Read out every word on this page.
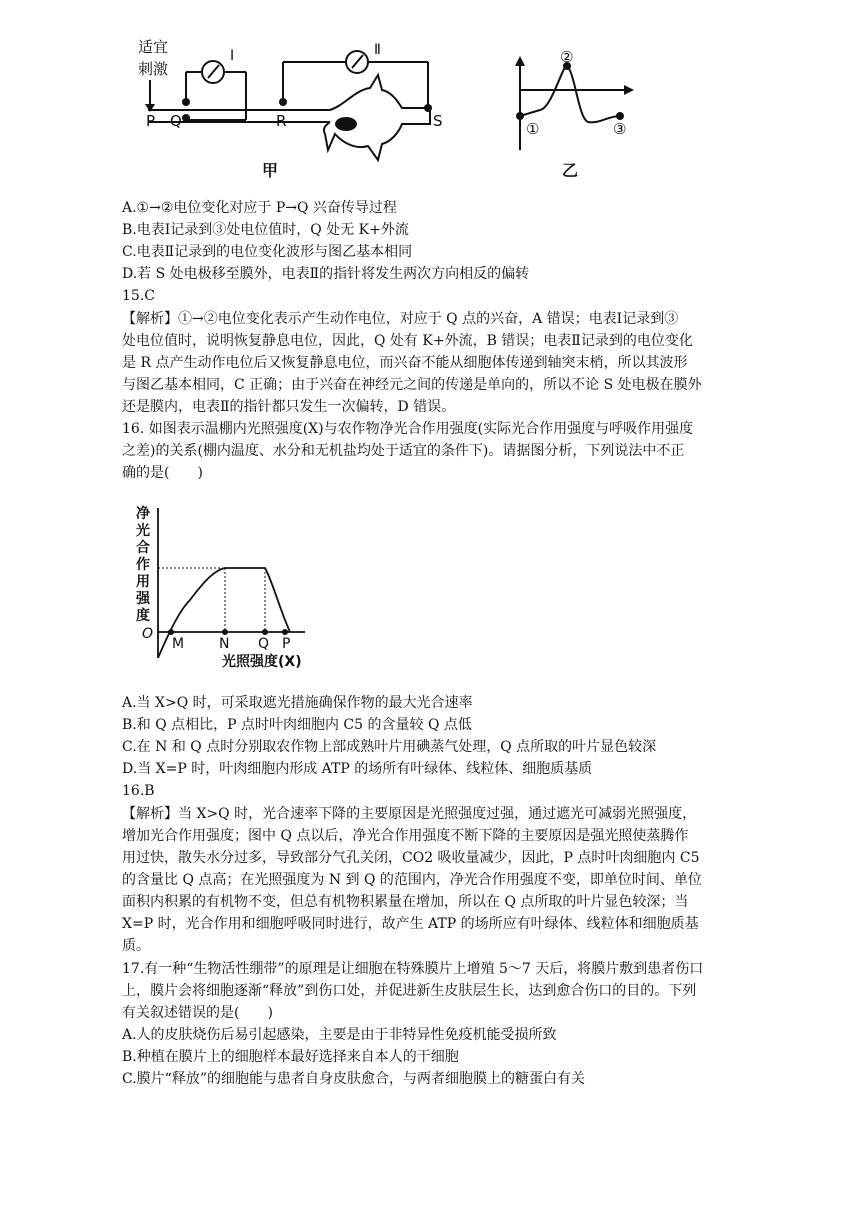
适宜
刺激
Ⅰ	Ⅱ
P Q	R	S
甲
①
②
③
乙
A.①→②电位变化对应于 P→Q 兴奋传导过程
B.电表Ⅰ记录到③处电位值时，Q 处无 K+外流
C.电表Ⅱ记录到的电位变化波形与图乙基本相同
D.若 S 处电极移至膜外，电表Ⅱ的指针将发生两次方向相反的偏转
15.C
【解析】①→②电位变化表示产生动作电位，对应于 Q 点的兴奋，A 错误；电表Ⅰ记录到③
处电位值时，说明恢复静息电位，因此，Q 处有 K+外流，B 错误；电表Ⅱ记录到的电位变化
是 R 点产生动作电位后又恢复静息电位，而兴奋不能从细胞体传递到轴突末梢，所以其波形
与图乙基本相同，C 正确；由于兴奋在神经元之间的传递是单向的，所以不论 S 处电极在膜外
还是膜内，电表Ⅱ的指针都只发生一次偏转，D 错误。
16. 如图表示温棚内光照强度(X)与农作物净光合作用强度(实际光合作用强度与呼吸作用强度
之差)的关系(棚内温度、水分和无机盐均处于适宜的条件下)。请据图分析，下列说法中不正
确的是(　　)
净
光
合
作
用
强
度
O
M N Q P
光照强度(X)
A.当 X>Q 时，可采取遮光措施确保作物的最大光合速率
B.和 Q 点相比，P 点时叶肉细胞内 C5 的含量较 Q 点低
C.在 N 和 Q 点时分别取农作物上部成熟叶片用碘蒸气处理，Q 点所取的叶片显色较深
D.当 X=P 时，叶肉细胞内形成 ATP 的场所有叶绿体、线粒体、细胞质基质
16.B
【解析】当 X>Q 时，光合速率下降的主要原因是光照强度过强，通过遮光可减弱光照强度，
增加光合作用强度；图中 Q 点以后，净光合作用强度不断下降的主要原因是强光照使蒸腾作
用过快，散失水分过多，导致部分气孔关闭，CO2 吸收量减少，因此，P 点时叶肉细胞内 C5
的含量比 Q 点高；在光照强度为 N 到 Q 的范围内，净光合作用强度不变，即单位时间、单位
面积内积累的有机物不变，但总有机物积累量在增加，所以在 Q 点所取的叶片显色较深；当
X=P 时，光合作用和细胞呼吸同时进行，故产生 ATP 的场所应有叶绿体、线粒体和细胞质基
质。
17.有一种“生物活性绷带”的原理是让细胞在特殊膜片上增殖 5～7 天后，将膜片敷到患者伤口
上，膜片会将细胞逐渐“释放”到伤口处，并促进新生皮肤层生长，达到愈合伤口的目的。下列
有关叙述错误的是(　　)
A.人的皮肤烧伤后易引起感染，主要是由于非特异性免疫机能受损所致
B.种植在膜片上的细胞样本最好选择来自本人的干细胞
C.膜片“释放”的细胞能与患者自身皮肤愈合，与两者细胞膜上的糖蛋白有关
